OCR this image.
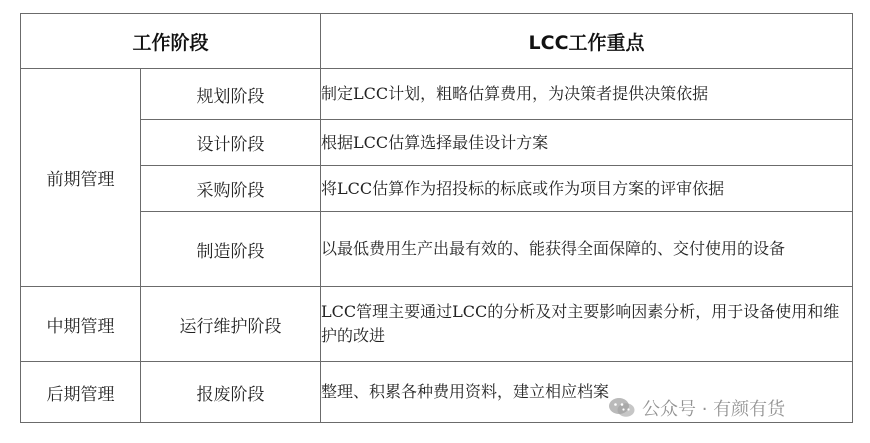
工作阶段		LCC工作重点
前期管理	规划阶段	制定LCC计划，粗略估算费用，为决策者提供决策依据
	设计阶段	根据LCC估算选择最佳设计方案
	采购阶段	将LCC估算作为招投标的标底或作为项目方案的评审依据
	制造阶段	以最低费用生产出最有效的、能获得全面保障的、交付使用的设备
中期管理	运行维护阶段	LCC管理主要通过LCC的分析及对主要影响因素分析，用于设备使用和维护的改进
后期管理	报废阶段	整理、积累各种费用资料，建立相应档案
公众号 · 有颜有货
